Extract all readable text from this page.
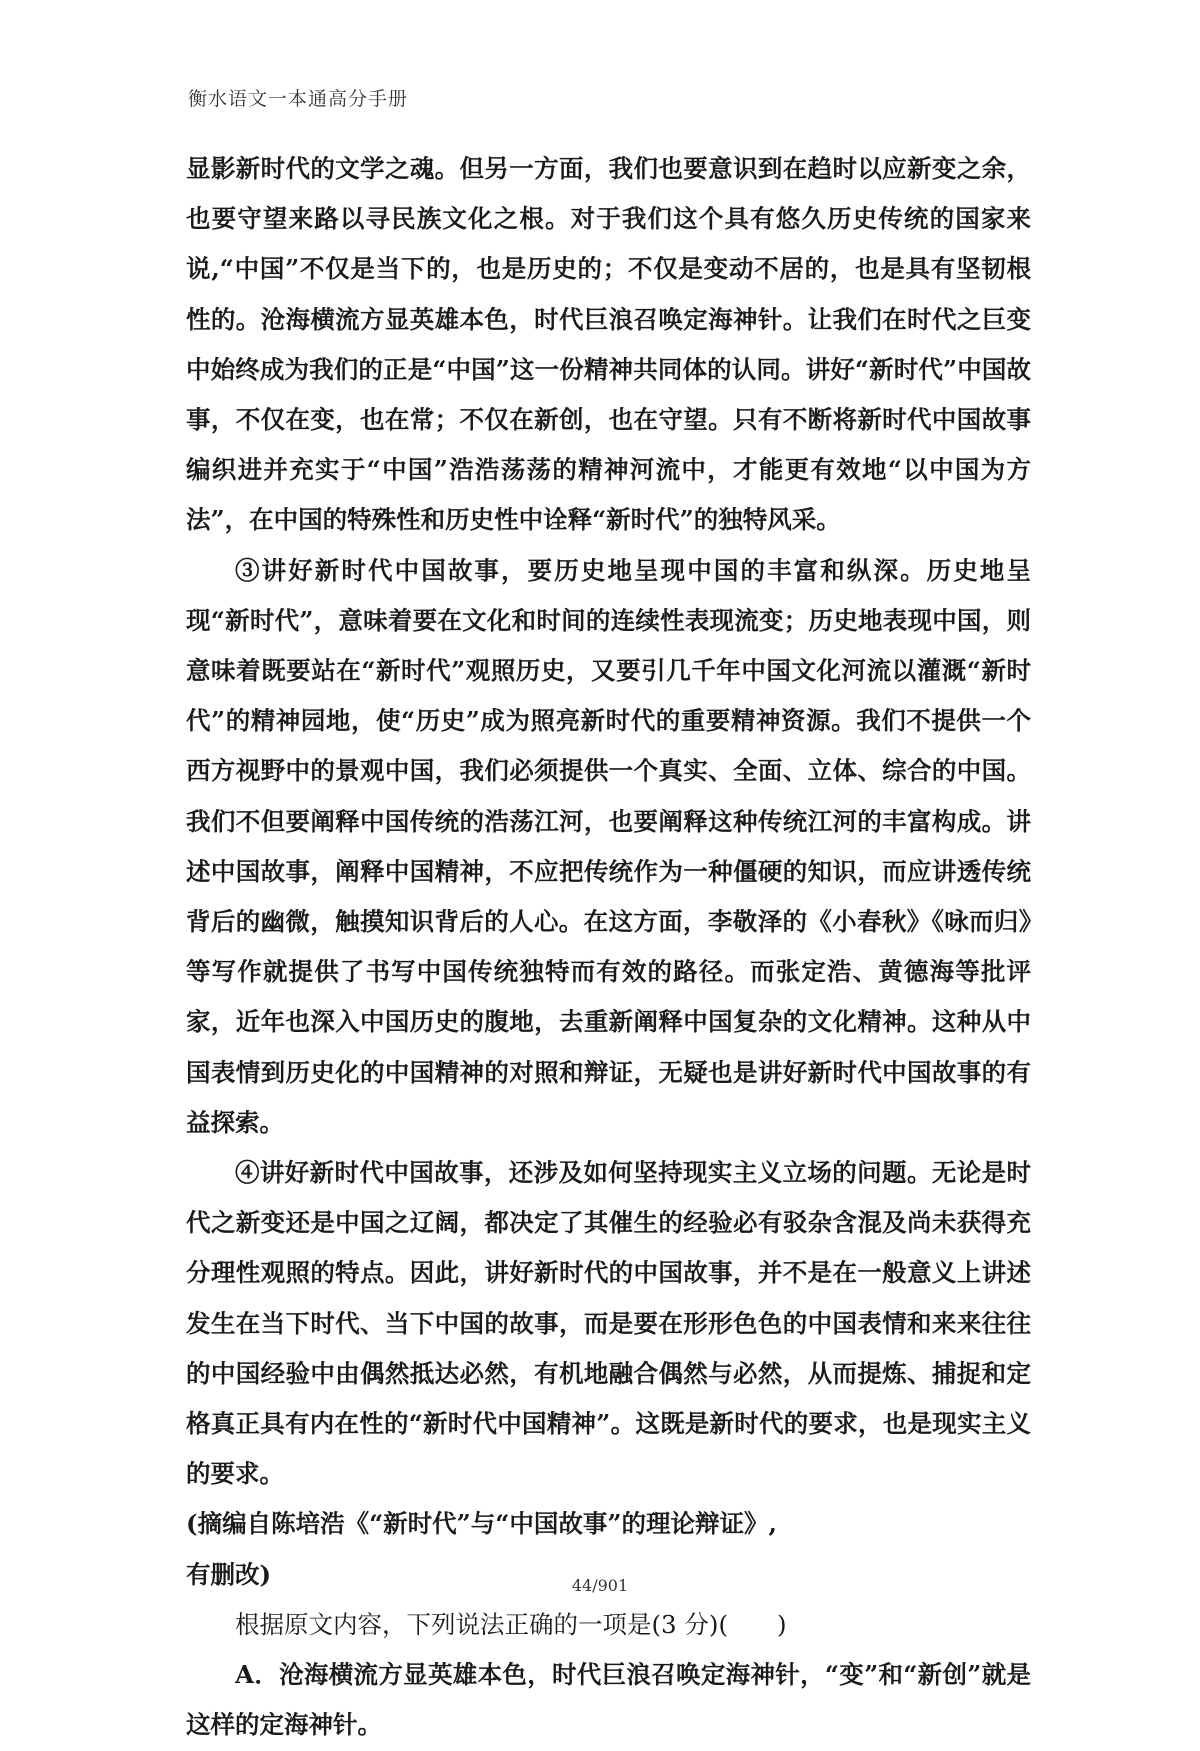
衡水语文一本通高分手册

显影新时代的文学之魂。但另一方面，我们也要意识到在趋时以应新变之余，也要守望来路以寻民族文化之根。对于我们这个具有悠久历史传统的国家来说,“中国”不仅是当下的，也是历史的；不仅是变动不居的，也是具有坚韧根性的。沧海横流方显英雄本色，时代巨浪召唤定海神针。让我们在时代之巨变中始终成为我们的正是“中国”这一份精神共同体的认同。讲好“新时代”中国故事，不仅在变，也在常；不仅在新创，也在守望。只有不断将新时代中国故事编织进并充实于“中国”浩浩荡荡的精神河流中，才能更有效地“以中国为方法”，在中国的特殊性和历史性中诠释“新时代”的独特风采。

③讲好新时代中国故事，要历史地呈现中国的丰富和纵深。历史地呈现“新时代”，意味着要在文化和时间的连续性表现流变；历史地表现中国，则意味着既要站在“新时代”观照历史，又要引几千年中国文化河流以灌溉“新时代”的精神园地，使“历史”成为照亮新时代的重要精神资源。我们不提供一个西方视野中的景观中国，我们必须提供一个真实、全面、立体、综合的中国。我们不但要阐释中国传统的浩荡江河，也要阐释这种传统江河的丰富构成。讲述中国故事，阐释中国精神，不应把传统作为一种僵硬的知识，而应讲透传统背后的幽微，触摸知识背后的人心。在这方面，李敬泽的《小春秋》《咏而归》等写作就提供了书写中国传统独特而有效的路径。而张定浩、黄德海等批评家，近年也深入中国历史的腹地，去重新阐释中国复杂的文化精神。这种从中国表情到历史化的中国精神的对照和辩证，无疑也是讲好新时代中国故事的有益探索。

④讲好新时代中国故事，还涉及如何坚持现实主义立场的问题。无论是时代之新变还是中国之辽阔，都决定了其催生的经验必有驳杂含混及尚未获得充分理性观照的特点。因此，讲好新时代的中国故事，并不是在一般意义上讲述发生在当下时代、当下中国的故事，而是要在形形色色的中国表情和来来往往的中国经验中由偶然抵达必然，有机地融合偶然与必然，从而提炼、捕捉和定格真正具有内在性的“新时代中国精神”。这既是新时代的要求，也是现实主义的要求。

(摘编自陈培浩《“新时代”与“中国故事”的理论辩证》,

有删改)

根据原文内容，下列说法正确的一项是(3 分)(　　)

A．沧海横流方显英雄本色，时代巨浪召唤定海神针，“变”和“新创”就是这样的定海神针。

44/901
